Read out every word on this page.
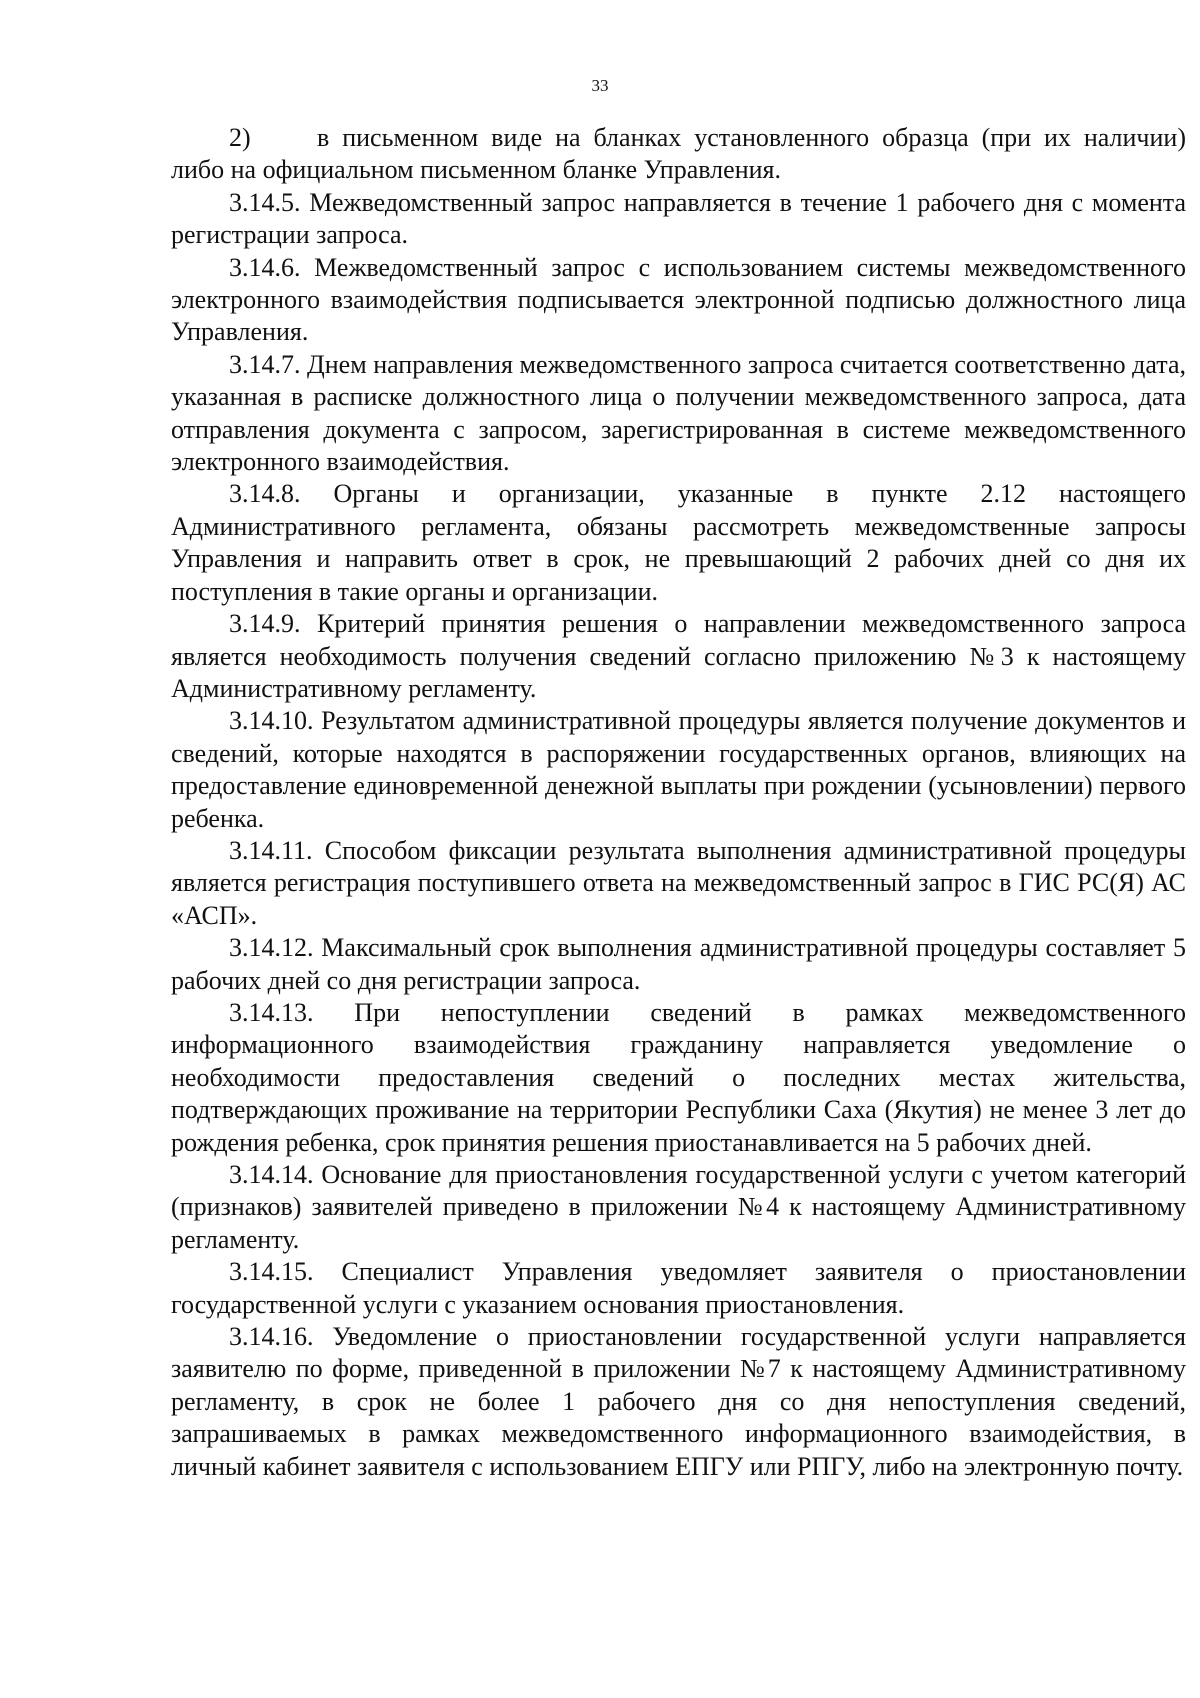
33

2)	в письменном виде на бланках установленного образца (при их наличии) либо на официальном письменном бланке Управления.

3.14.5. Межведомственный запрос направляется в течение 1 рабочего дня с момента регистрации запроса.

3.14.6. Межведомственный запрос с использованием системы межведомственного электронного взаимодействия подписывается электронной подписью должностного лица Управления.

3.14.7. Днем направления межведомственного запроса считается соответственно дата, указанная в расписке должностного лица о получении межведомственного запроса, дата отправления документа с запросом, зарегистрированная в системе межведомственного электронного взаимодействия.

3.14.8. Органы и организации, указанные в пункте 2.12 настоящего Административного регламента, обязаны рассмотреть межведомственные запросы Управления и направить ответ в срок, не превышающий 2 рабочих дней со дня их поступления в такие органы и организации.

3.14.9. Критерий принятия решения о направлении межведомственного запроса является необходимость получения сведений согласно приложению №3 к настоящему Административному регламенту.

3.14.10. Результатом административной процедуры является получение документов и сведений, которые находятся в распоряжении государственных органов, влияющих на предоставление единовременной денежной выплаты при рождении (усыновлении) первого ребенка.

3.14.11. Способом фиксации результата выполнения административной процедуры является регистрация поступившего ответа на межведомственный запрос в ГИС РС(Я) АС «АСП».

3.14.12. Максимальный срок выполнения административной процедуры составляет 5 рабочих дней со дня регистрации запроса.

3.14.13. При непоступлении сведений в рамках межведомственного информационного взаимодействия гражданину направляется уведомление о необходимости предоставления сведений о последних местах жительства, подтверждающих проживание на территории Республики Саха (Якутия) не менее 3 лет до рождения ребенка, срок принятия решения приостанавливается на 5 рабочих дней.

3.14.14. Основание для приостановления государственной услуги с учетом категорий (признаков) заявителей приведено в приложении №4 к настоящему Административному регламенту.

3.14.15. Специалист Управления уведомляет заявителя о приостановлении государственной услуги с указанием основания приостановления.

3.14.16. Уведомление о приостановлении государственной услуги направляется заявителю по форме, приведенной в приложении №7 к настоящему Административному регламенту, в срок не более 1 рабочего дня со дня непоступления сведений, запрашиваемых в рамках межведомственного информационного взаимодействия, в личный кабинет заявителя с использованием ЕПГУ или РПГУ, либо на электронную почту.
